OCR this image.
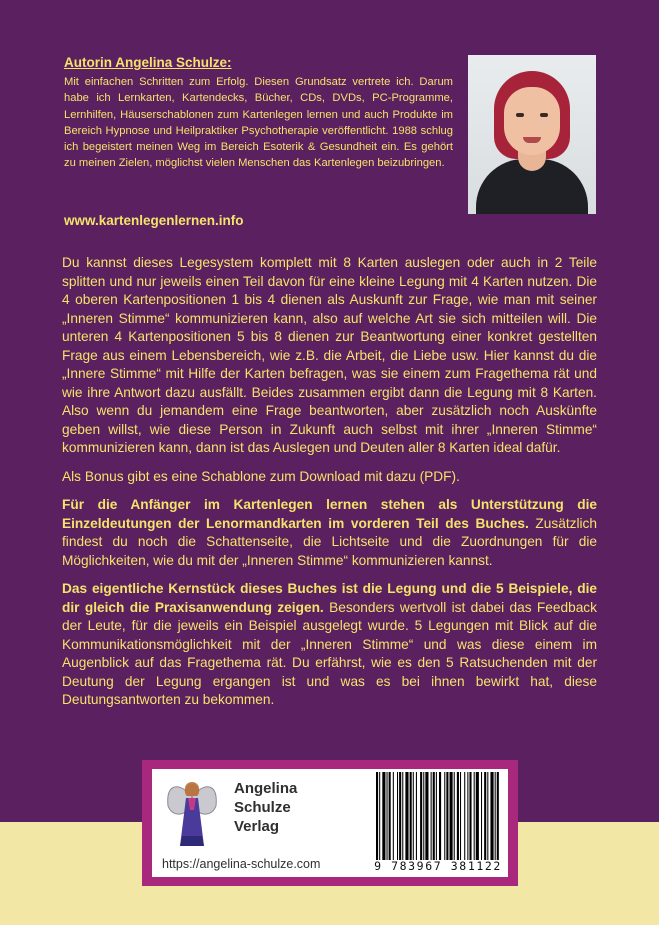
Autorin Angelina Schulze:
Mit einfachen Schritten zum Erfolg. Diesen Grundsatz vertrete ich. Darum habe ich Lernkarten, Kartendecks, Bücher, CDs, DVDs, PC-Programme, Lernhilfen, Häuserschablonen zum Kartenlegen lernen und auch Produkte im Bereich Hypnose und Heilpraktiker Psychotherapie veröffentlicht. 1988 schlug ich begeistert meinen Weg im Bereich Esoterik & Gesundheit ein. Es gehört zu meinen Zielen, möglichst vielen Menschen das Kartenlegen beizubringen.
www.kartenlegenlernen.info

Du kannst dieses Legesystem komplett mit 8 Karten auslegen oder auch in 2 Teile splitten und nur jeweils einen Teil davon für eine kleine Legung mit 4 Karten nutzen. Die 4 oberen Kartenpositionen 1 bis 4 dienen als Auskunft zur Frage, wie man mit seiner „Inneren Stimme“ kommunizieren kann, also auf welche Art sie sich mitteilen will. Die unteren 4 Kartenpositionen 5 bis 8 dienen zur Beantwortung einer konkret gestellten Frage aus einem Lebensbereich, wie z.B. die Arbeit, die Liebe usw. Hier kannst du die „Innere Stimme“ mit Hilfe der Karten befragen, was sie einem zum Fragethema rät und wie ihre Antwort dazu ausfällt. Beides zusammen ergibt dann die Legung mit 8 Karten. Also wenn du jemandem eine Frage beantworten, aber zusätzlich noch Auskünfte geben willst, wie diese Person in Zukunft auch selbst mit ihrer „Inneren Stimme“ kommunizieren kann, dann ist das Auslegen und Deuten aller 8 Karten ideal dafür.

Als Bonus gibt es eine Schablone zum Download mit dazu (PDF).

Für die Anfänger im Kartenlegen lernen stehen als Unterstützung die Einzeldeutungen der Lenormandkarten im vorderen Teil des Buches. Zusätzlich findest du noch die Schattenseite, die Lichtseite und die Zuordnungen für die Möglichkeiten, wie du mit der „Inneren Stimme“ kommunizieren kannst.

Das eigentliche Kernstück dieses Buches ist die Legung und die 5 Beispiele, die dir gleich die Praxisanwendung zeigen. Besonders wertvoll ist dabei das Feedback der Leute, für die jeweils ein Beispiel ausgelegt wurde. 5 Legungen mit Blick auf die Kommunikationsmöglichkeit mit der „Inneren Stimme“ und was diese einem im Augenblick auf das Fragethema rät. Du erfährst, wie es den 5 Ratsuchenden mit der Deutung der Legung ergangen ist und was es bei ihnen bewirkt hat, diese Deutungsantworten zu bekommen.

Angelina
Schulze
Verlag
https://angelina-schulze.com	9 783967 381122
